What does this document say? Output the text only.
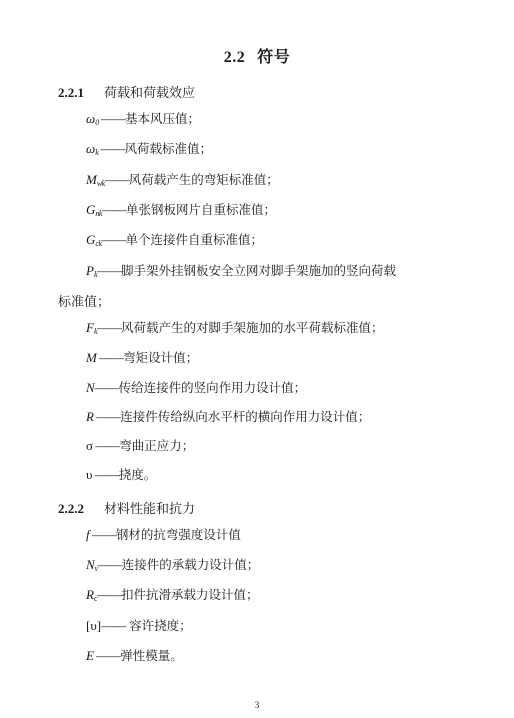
2.2 符号
2.2.1 荷载和荷载效应
$\omega_0$ ——基本风压值；
$\omega_k$ ——风荷载标准值；
$M_{wk}——$风荷载产生的弯矩标准值；
$G_{nk}——$单张钢板网片自重标准值；
$G_{ck}——$单个连接件自重标准值；
$P_k——$脚手架外挂钢板安全立网对脚手架施加的竖向荷载
标准值；
$F_k——$风荷载产生的对脚手架施加的水平荷载标准值；
M ——弯矩设计值；
N——传给连接件的竖向作用力设计值；
R ——连接件传给纵向水平杆的横向作用力设计值；
σ ——弯曲正应力；
υ ——挠度。
2.2.2 材料性能和抗力
f ——钢材的抗弯强度设计值
$N_v——$连接件的承载力设计值；
$R_c——$扣件抗滑承载力设计值；
[υ]—— 容许挠度；
E ——弹性模量。
3
